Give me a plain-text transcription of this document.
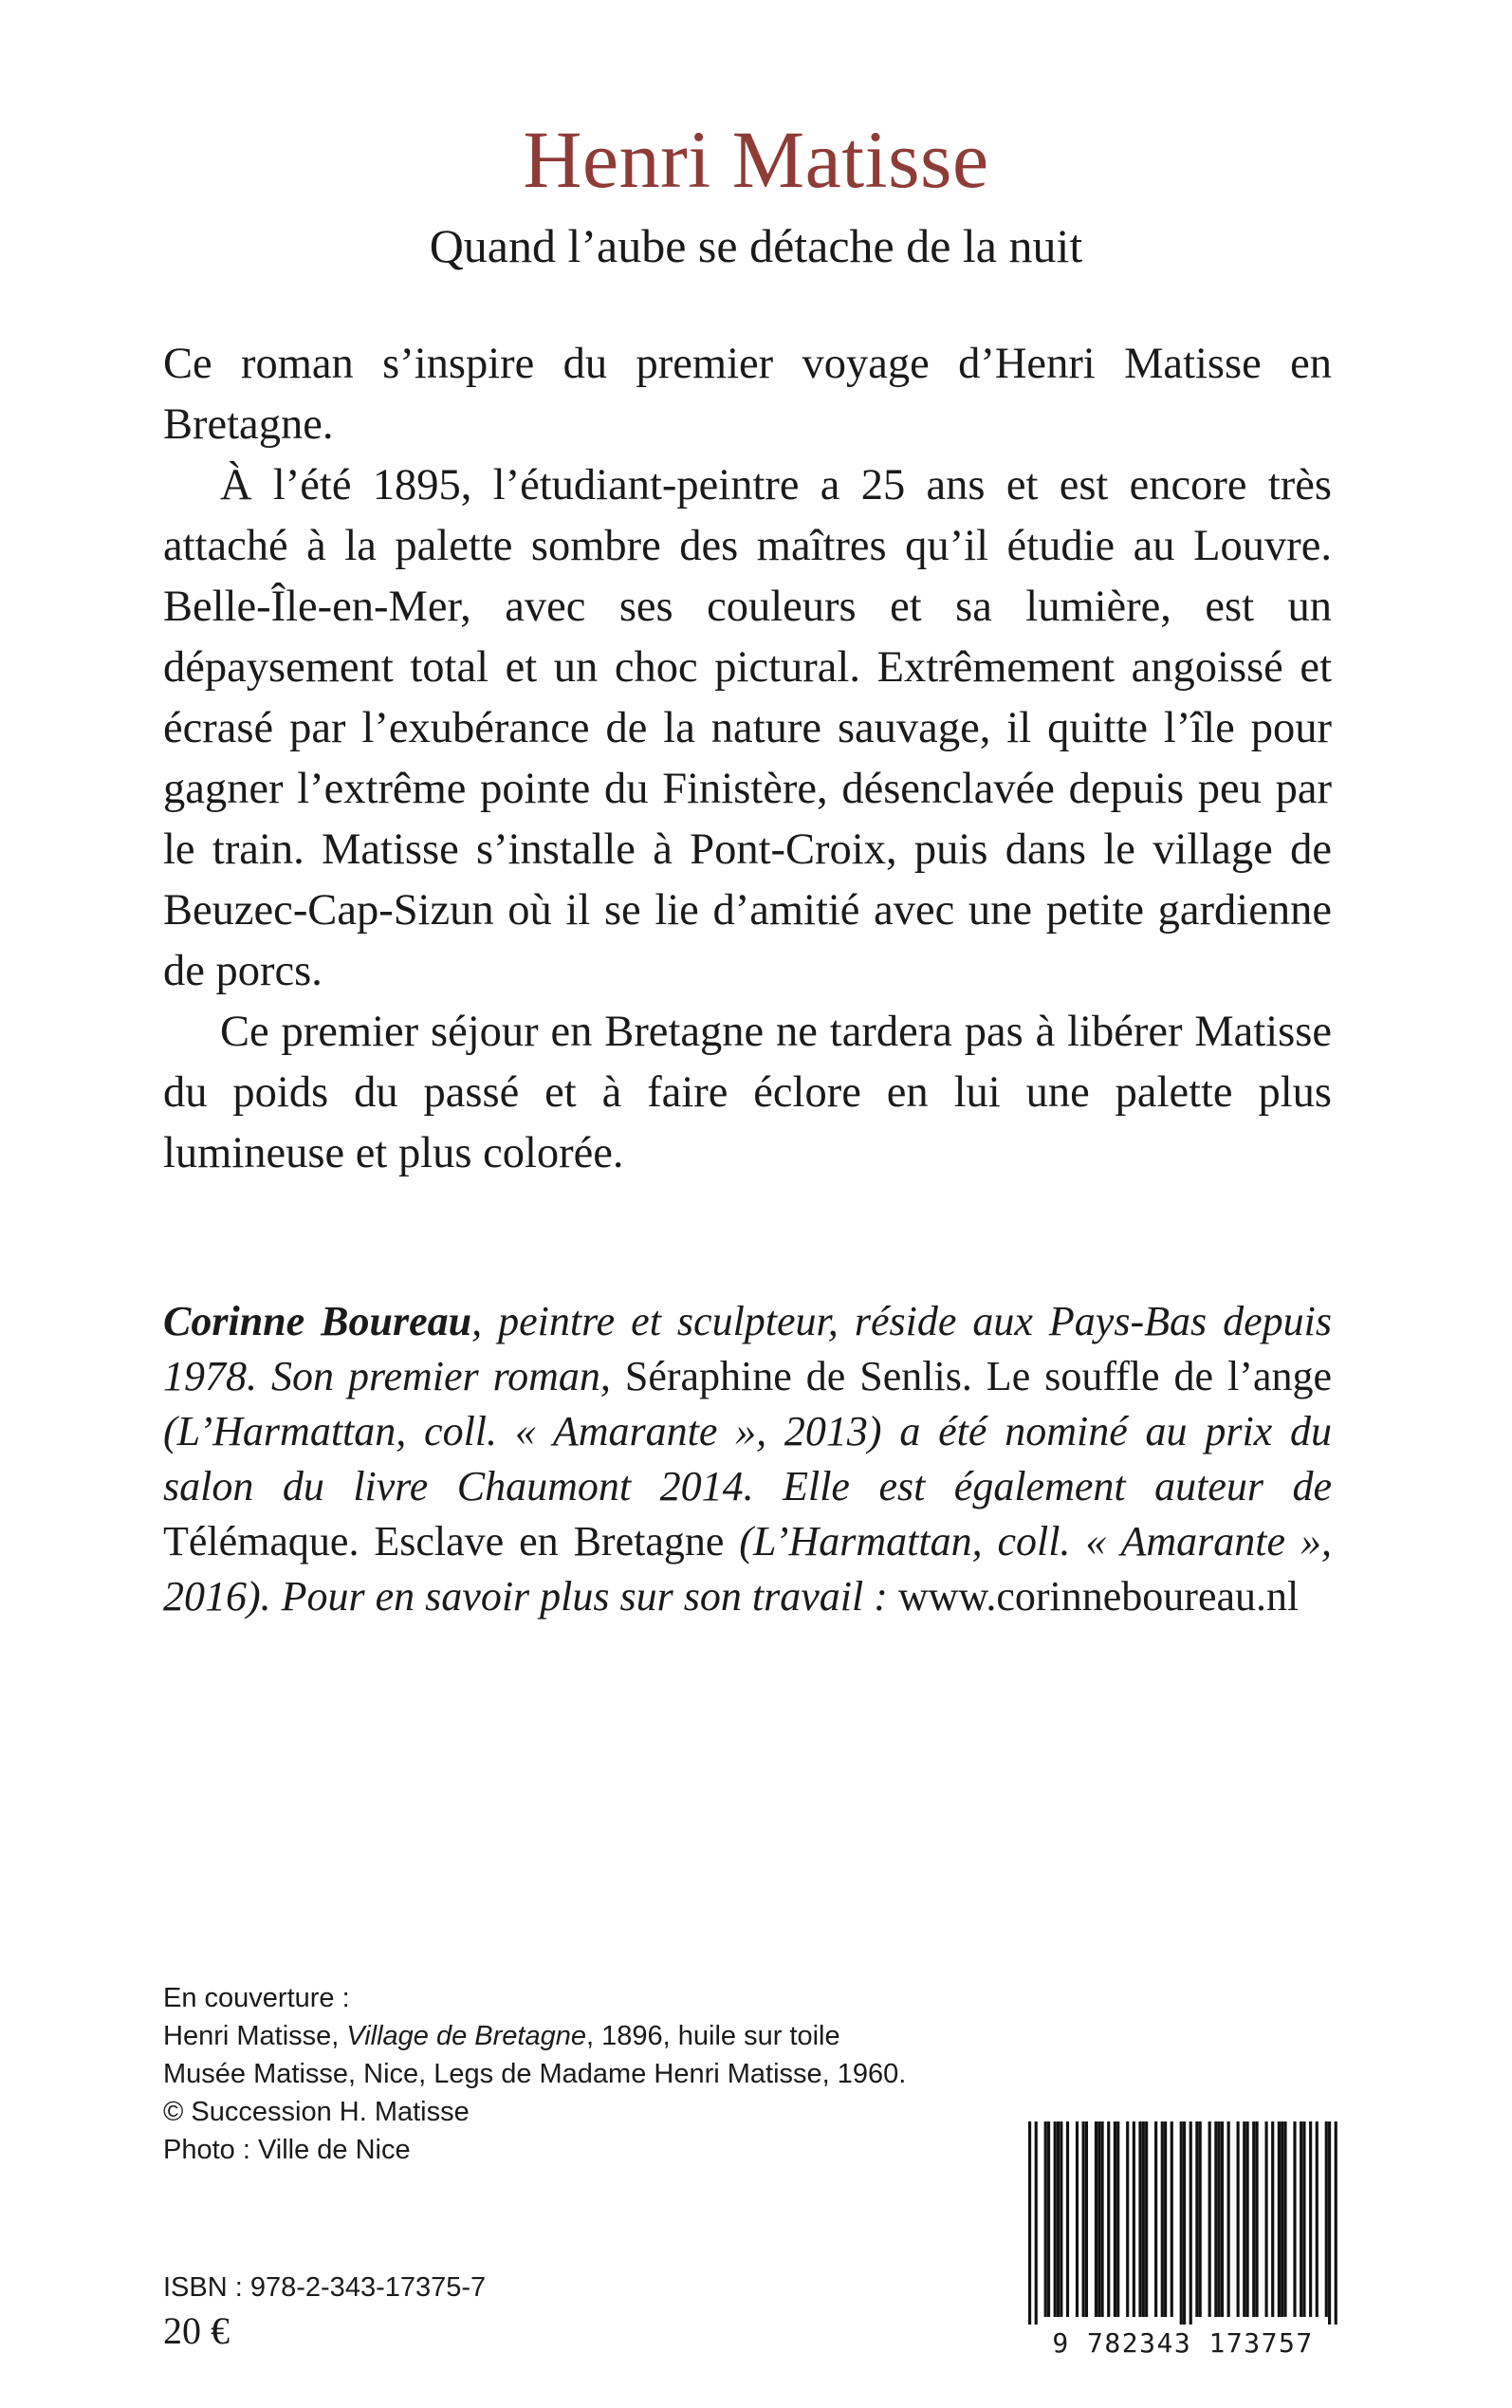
Henri Matisse
Quand l’aube se détache de la nuit

Ce roman s’inspire du premier voyage d’Henri Matisse en Bretagne.

À l’été 1895, l’étudiant-peintre a 25 ans et est encore très attaché à la palette sombre des maîtres qu’il étudie au Louvre. Belle-Île-en-Mer, avec ses couleurs et sa lumière, est un dépaysement total et un choc pictural. Extrêmement angoissé et écrasé par l’exubérance de la nature sauvage, il quitte l’île pour gagner l’extrême pointe du Finistère, désenclavée depuis peu par le train. Matisse s’installe à Pont-Croix, puis dans le village de Beuzec-Cap-Sizun où il se lie d’amitié avec une petite gardienne de porcs.

Ce premier séjour en Bretagne ne tardera pas à libérer Matisse du poids du passé et à faire éclore en lui une palette plus lumineuse et plus colorée.

Corinne Boureau, peintre et sculpteur, réside aux Pays-Bas depuis 1978. Son premier roman, Séraphine de Senlis. Le souffle de l’ange (L’Harmattan, coll. « Amarante », 2013) a été nominé au prix du salon du livre Chaumont 2014. Elle est également auteur de Télémaque. Esclave en Bretagne (L’Harmattan, coll. « Amarante », 2016). Pour en savoir plus sur son travail : www.corinneboureau.nl
En couverture :
Henri Matisse, Village de Bretagne, 1896, huile sur toile
Musée Matisse, Nice, Legs de Madame Henri Matisse, 1960.
© Succession H. Matisse
Photo : Ville de Nice
ISBN : 978-2-343-17375-7
20 €	9 782343 173757
